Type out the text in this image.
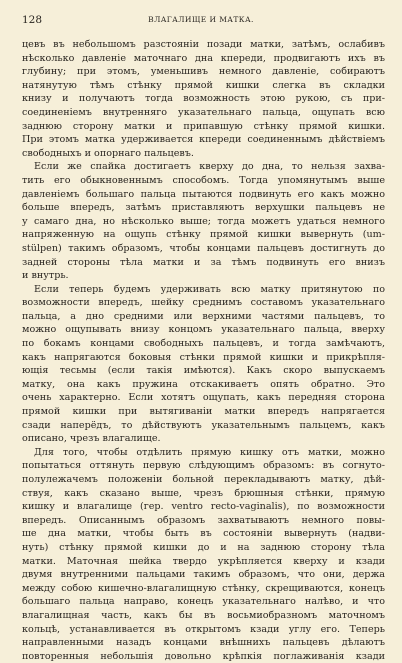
128	ВЛАГАЛИЩЕ И МАТКА.
цевъ въ небольшомъ разстоянiи позади матки, затѣмъ, ослабивъ
нѣсколько давленiе маточнаго дна кпереди, продвигаютъ ихъ въ
глубину; при этомъ, уменьшивъ немного давленiе, собираютъ
натянутую тѣмъ стѣнку прямой кишки слегка въ складки
книзу и получаютъ тогда возможность этою рукою, съ при-
соединенiемъ внутренняго указательнаго пальца, ощупать всю
заднюю сторону матки и припавшую стѣнку прямой кишки.
При этомъ матка удерживается кпереди соединеннымъ дѣйствiемъ
свободныхъ и опорнаго пальцевъ.
Если же спайка достигаетъ кверху до дна, то нельзя захва-
тить его обыкновеннымъ способомъ. Тогда упомянутымъ выше
давленiемъ большаго пальца пытаются подвинуть его какъ можно
больше впередъ, затѣмъ приставляютъ верхушки пальцевъ не
у самаго дна, но нѣсколько выше; тогда можетъ удаться немного
напряженную на ощупь стѣнку прямой кишки вывернуть (um-
stülpen) такимъ образомъ, чтобы концами пальцевъ достигнуть до
задней стороны тѣла матки и за тѣмъ подвинуть его внизъ
и внутрь.
Если теперь будемъ удерживать всю матку притянутою по
возможности впередъ, шейку среднимъ составомъ указательнаго
пальца, а дно средними или верхними частями пальцевъ, то
можно ощупывать внизу концомъ указательнаго пальца, вверху
по бокамъ концами свободныхъ пальцевъ, и тогда замѣчаютъ,
какъ напрягаются боковыя стѣнки прямой кишки и прикрѣпля-
ющiя тесьмы (если такiя имѣются). Какъ скоро выпускаемъ
матку, она какъ пружина отскакиваетъ опять обратно. Это
очень характерно. Если хотятъ ощупать, какъ передняя сторона
прямой кишки при вытягиванiи матки впередъ напрягается
сзади наперёдъ, то дѣйствуютъ указательнымъ пальцемъ, какъ
описано, чрезъ влагалище.
Для того, чтобы отдѣлить прямую кишку отъ матки, можно
попытаться оттянуть первую слѣдующимъ образомъ: въ согнуто-
полулежачемъ положенiи больной перекладываютъ матку, дѣй-
ствуя, какъ сказано выше, чрезъ брюшныя стѣнки, прямую
кишку и влагалище (гер. ventro recto-vaginalis), по возможности
впередъ. Описаннымъ образомъ захватываютъ немного повы-
ше дна матки, чтобы быть въ состоянiи вывернуть (надви-
нуть) стѣнку прямой кишки до и на заднюю сторону тѣла
матки. Маточная шейка твердо укрѣпляется кверху и кзади
двумя внутренними пальцами такимъ образомъ, что они, держа
между собою кишечно-влагалищную стѣнку, скрещиваются, конецъ
большаго пальца направо, конецъ указательнаго налѣво, и что
влагалищная часть, какъ бы въ восьмиобразномъ маточномъ
кольцѣ, устанавливается въ открытомъ кзади углу его. Теперь
направленными назадъ концами внѣшнихъ пальцевъ дѣлаютъ
повторенныя небольшiя довольно крѣпкiя поглаживанiя кзади
